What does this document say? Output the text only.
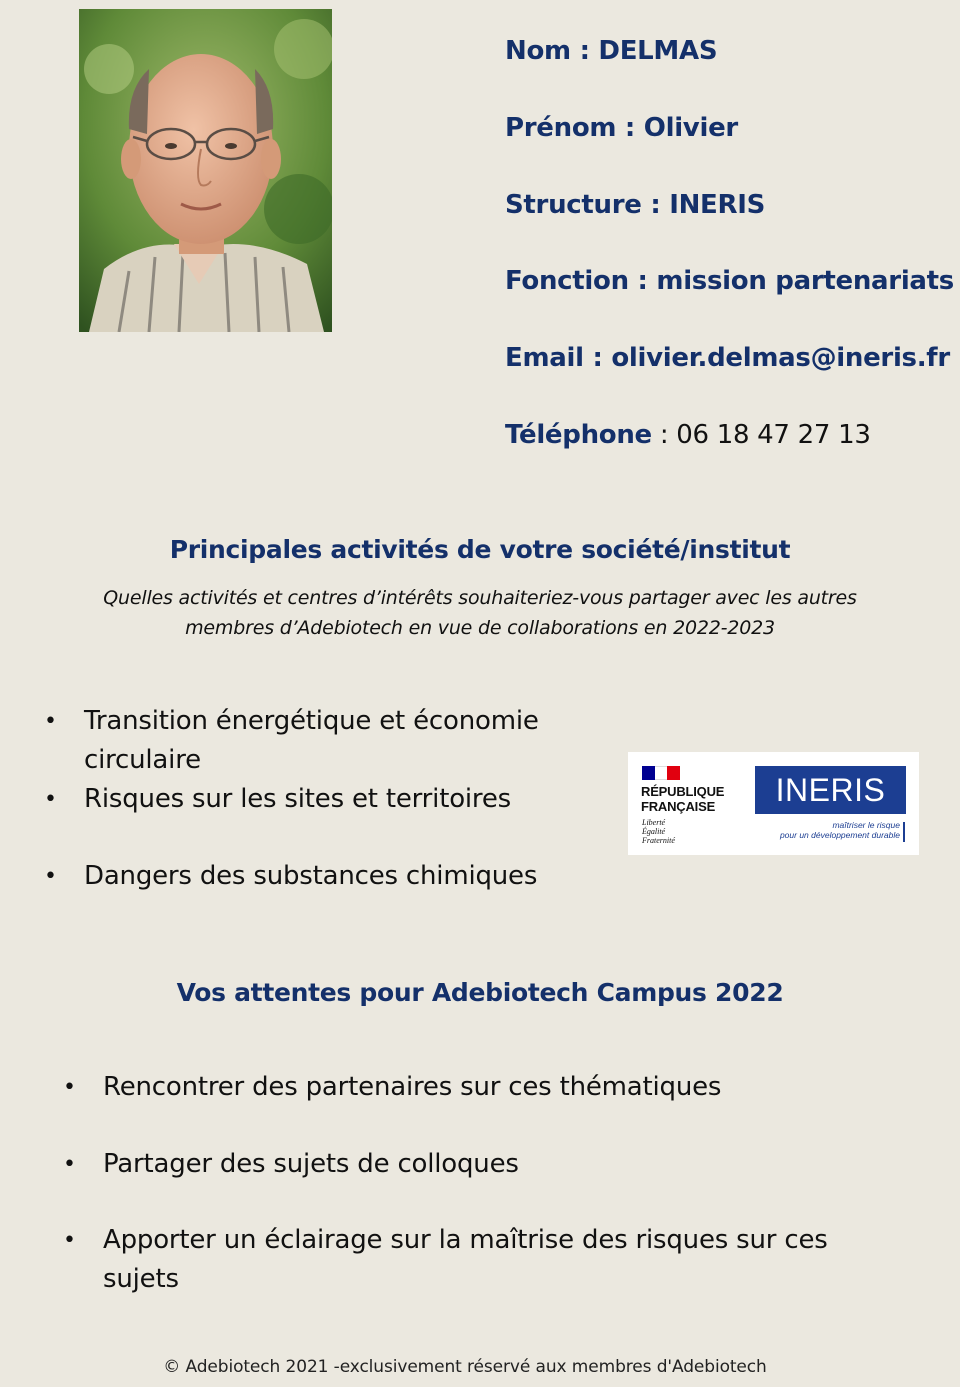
Nom : DELMAS
Prénom : Olivier
Structure : INERIS
Fonction : mission partenariats
Email : olivier.delmas@ineris.fr
Téléphone : 06 18 47 27 13
Principales activités de votre société/institut
Quelles activités et centres d’intérêts souhaiteriez-vous partager avec les autres
membres d’Adebiotech en vue de collaborations en 2022-2023
• Transition énergétique et économie
circulaire
• Risques sur les sites et territoires
• Dangers des substances chimiques
RÉPUBLIQUE
FRANÇAISE
Liberté
Égalité
Fraternité
INERIS
maîtriser le risque
pour un développement durable
Vos attentes pour Adebiotech Campus 2022
• Rencontrer des partenaires sur ces thématiques
• Partager des sujets de colloques
• Apporter un éclairage sur la maîtrise des risques sur ces
sujets
© Adebiotech 2021 -exclusivement réservé aux membres d'Adebiotech
